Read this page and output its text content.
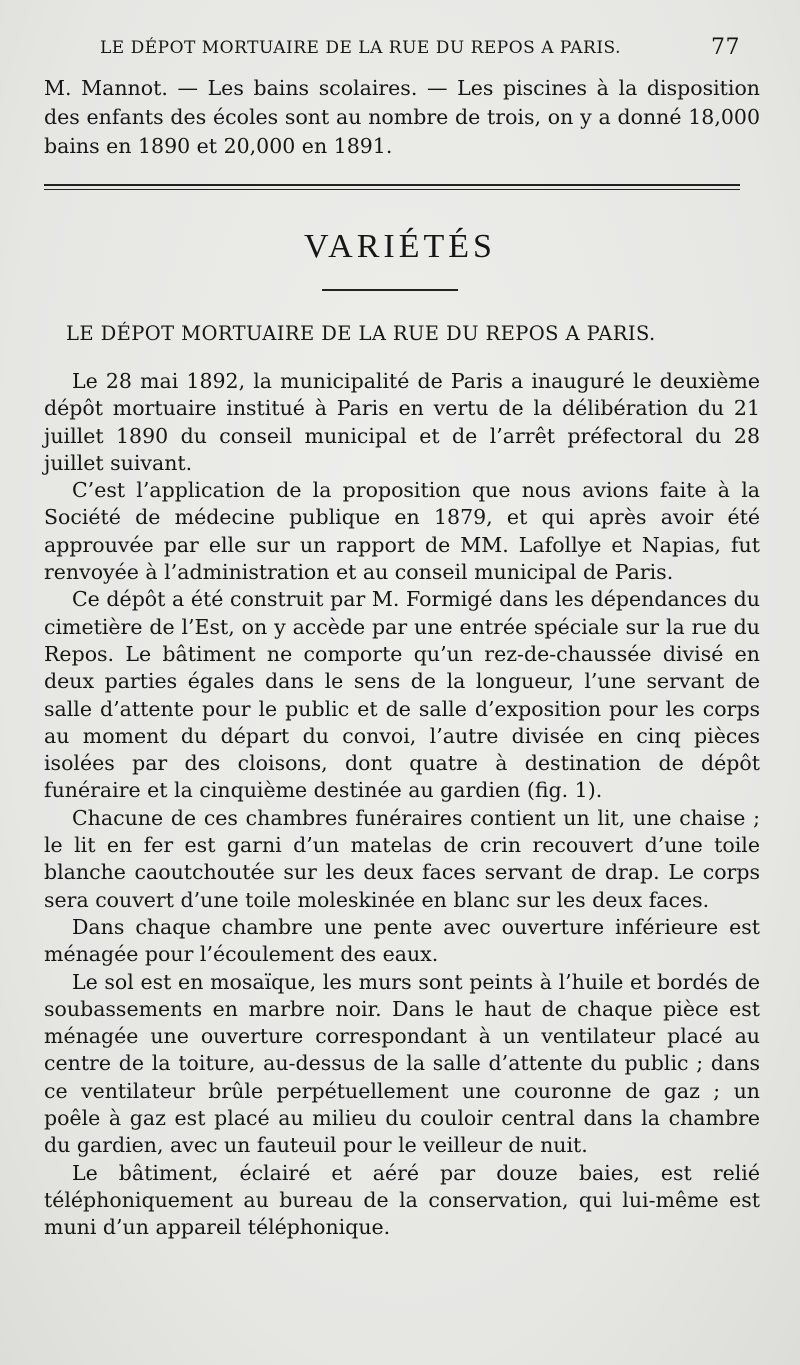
LE DÉPOT MORTUAIRE DE LA RUE DU REPOS A PARIS.	77

M. Mannot. — Les bains scolaires. — Les piscines à la disposition des enfants des écoles sont au nombre de trois, on y a donné 18,000 bains en 1890 et 20,000 en 1891.

VARIÉTÉS
LE DÉPOT MORTUAIRE DE LA RUE DU REPOS A PARIS.

Le 28 mai 1892, la municipalité de Paris a inauguré le deuxième dépôt mortuaire institué à Paris en vertu de la délibération du 21 juillet 1890 du conseil municipal et de l’arrêt préfectoral du 28 juillet suivant.

C’est l’application de la proposition que nous avions faite à la Société de médecine publique en 1879, et qui après avoir été approuvée par elle sur un rapport de MM. Lafollye et Napias, fut renvoyée à l’administration et au conseil municipal de Paris.

Ce dépôt a été construit par M. Formigé dans les dépendances du cimetière de l’Est, on y accède par une entrée spéciale sur la rue du Repos. Le bâtiment ne comporte qu’un rez-de-chaussée divisé en deux parties égales dans le sens de la longueur, l’une servant de salle d’attente pour le public et de salle d’exposition pour les corps au moment du départ du convoi, l’autre divisée en cinq pièces isolées par des cloisons, dont quatre à destination de dépôt funéraire et la cinquième destinée au gardien (fig. 1).

Chacune de ces chambres funéraires contient un lit, une chaise ; le lit en fer est garni d’un matelas de crin recouvert d’une toile blanche caoutchoutée sur les deux faces servant de drap. Le corps sera couvert d’une toile moleskinée en blanc sur les deux faces.

Dans chaque chambre une pente avec ouverture inférieure est ménagée pour l’écoulement des eaux.

Le sol est en mosaïque, les murs sont peints à l’huile et bordés de soubassements en marbre noir. Dans le haut de chaque pièce est ménagée une ouverture correspondant à un ventilateur placé au centre de la toiture, au-dessus de la salle d’attente du public ; dans ce ventilateur brûle perpétuellement une couronne de gaz ; un poêle à gaz est placé au milieu du couloir central dans la chambre du gardien, avec un fauteuil pour le veilleur de nuit.

Le bâtiment, éclairé et aéré par douze baies, est relié téléphoniquement au bureau de la conservation, qui lui-même est muni d’un appareil téléphonique.
